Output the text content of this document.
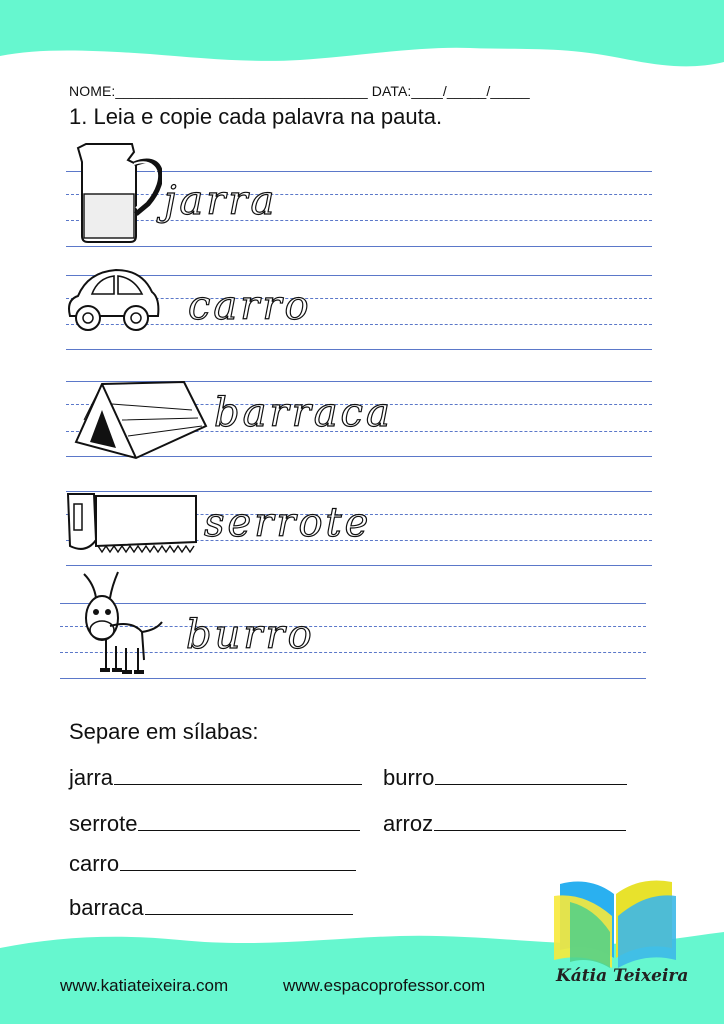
NOME:________________________________ DATA:____/_____/_____
1. Leia e copie cada palavra na pauta.
jarra
carro
barraca
serrote
burro
Separe em sílabas:
jarra	burro
serrote	arroz
carro
barraca
Kátia Teixeira
www.katiateixeira.com	www.espacoprofessor.com
